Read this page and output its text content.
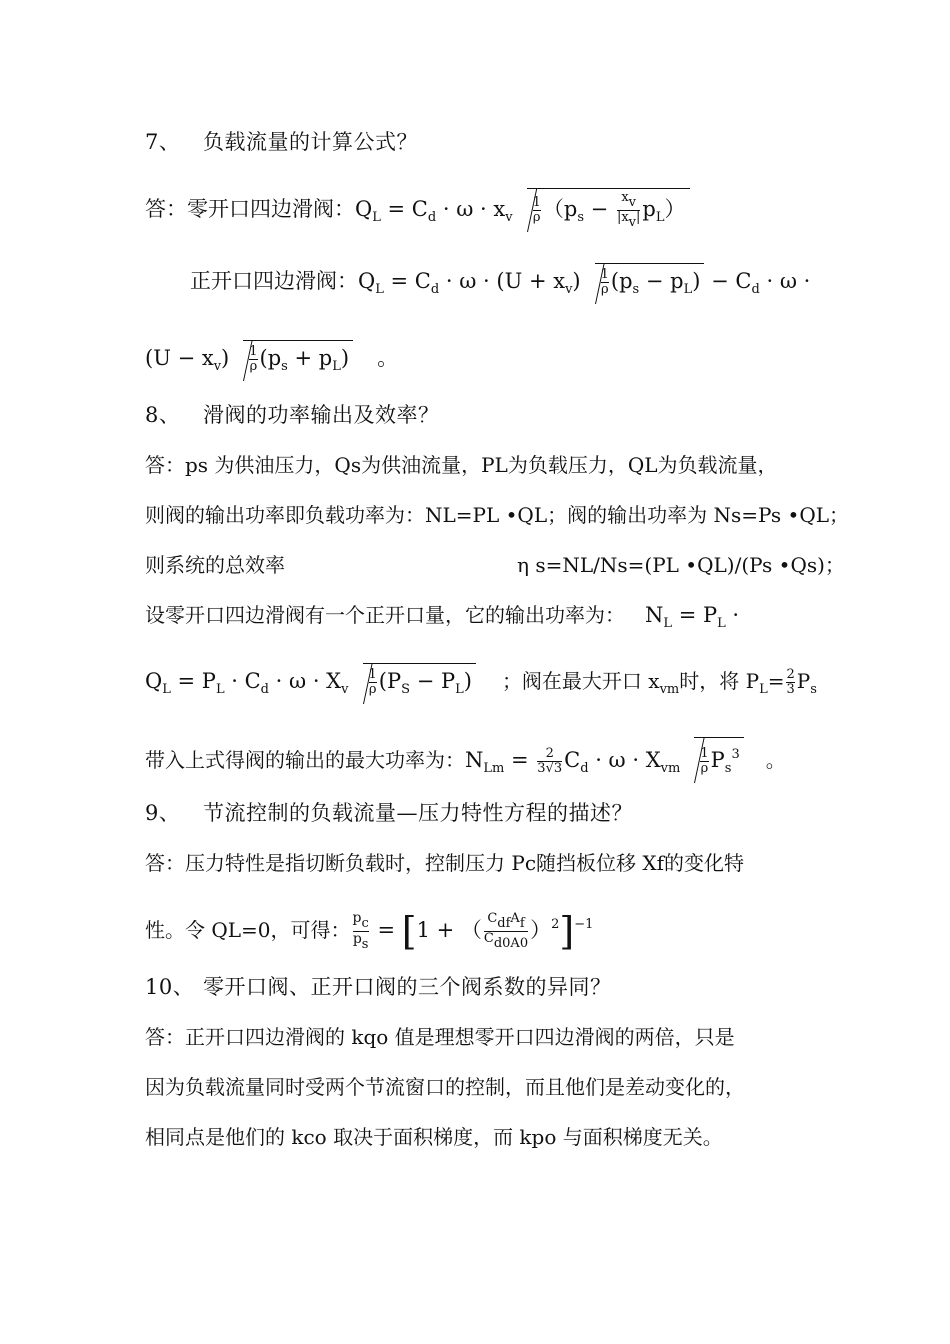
7、 负载流量的计算公式？
答：零开口四边滑阀：$Q_L = C_d \cdot \omega \cdot x_v \frac{1}{\rho} (p_s - \frac{xv}{|xv|} p_L)$
正开口四边滑阀：$Q_L = C_d \cdot \omega \cdot (U + x_v) \frac{1}{\rho} (p_s - p_L) - C_d \cdot \omega$ ·
$(U - x_v) \frac{1}{\rho} (p_s + p_L)$ 。
8、 滑阀的功率输出及效率？
答：ps 为供油压力，Qs为供油流量，PL为负载压力，QL为负载流量，
则阀的输出功率即负载功率为：NL=PL •QL；阀的输出功率为 Ns=Ps •QL；
则系统的总效率	η s=NL/Ns=(PL •QL)/(Ps •Qs)；
设零开口四边滑阀有一个正开口量，它的输出功率为： $N_L = P_L$ ·
$Q_L = P_L \cdot C_d \cdot \omega \cdot X_v \frac{1}{\rho} (P_S - P_L)$ ；阀在最大开口 $x_{vm}$时，将 $P_L= \frac{2}{3} P_s$
带入上式得阀的输出的最大功率为：$N_{Lm} = \frac{2}{3√3} C_d \cdot \omega \cdot X_{vm} \frac{1}{\rho} P_s^3$ 。
9、 节流控制的负载流量—压力特性方程的描述？
答：压力特性是指切断负载时，控制压力 Pc随挡板位移 Xf的变化特
性。令 QL=0，可得： $\frac{pc}{ps} = [1$ + （ $\frac{\text{CdfAf}}{Cd0A0} )^2]^{-1}$
10、 零开口阀、正开口阀的三个阀系数的异同？
答：正开口四边滑阀的 kqo 值是理想零开口四边滑阀的两倍，只是
因为负载流量同时受两个节流窗口的控制，而且他们是差动变化的，
相同点是他们的 kco 取决于面积梯度，而 kpo 与面积梯度无关。
